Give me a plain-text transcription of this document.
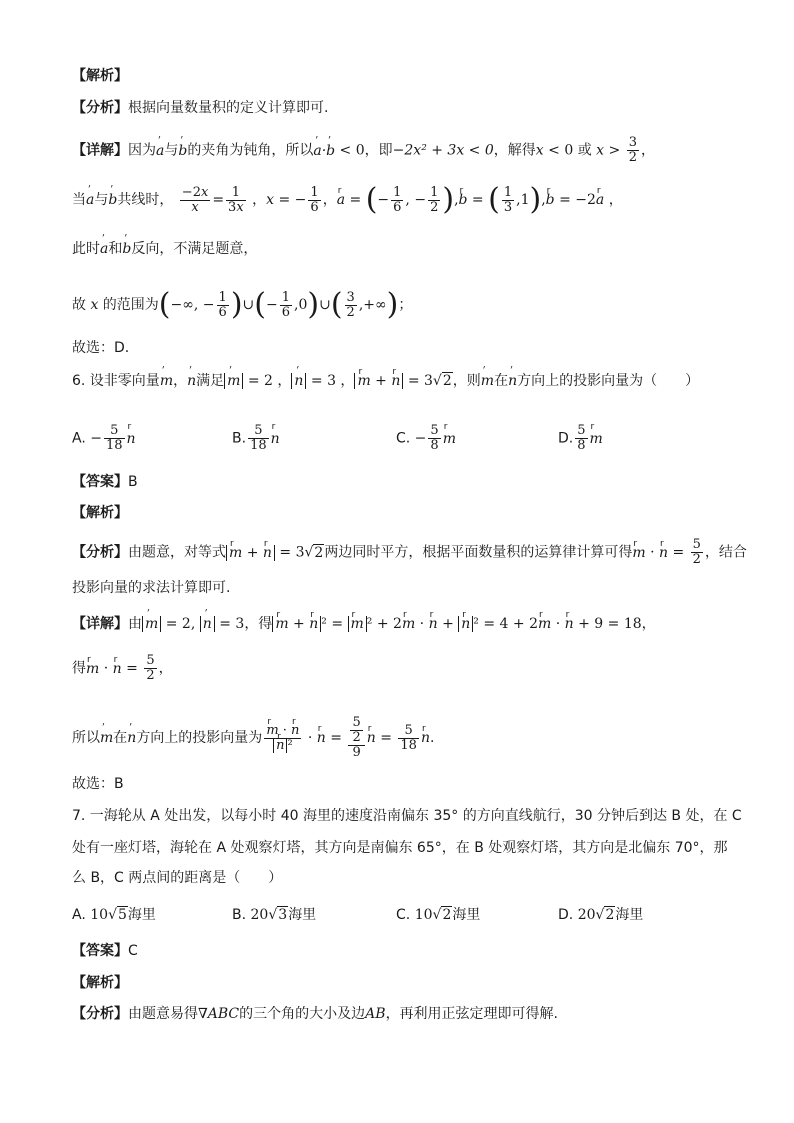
【解析】
【分析】根据向量数量积的定义计算即可.
【详解】因为ʹ a与ʹ b的夹角为钝角，所以ʹ a·ʹ b < 0，即−2x² + 3x < 0，解得x < 0 或 $x > \frac{3}{2}$ ，
当ʹ a与ʹ b共线时， $\frac{-2x}{x} = \frac{1}{3x}$ ，x = − $\frac{1}{6}$ ，r a = (− $\frac{1}{6}$ , − $\frac{1}{2} ),r$ b = ( $\frac{1}{3} ,1),r$ b = −2r a ，
此时ʹ a和ʹ b反向，不满足题意，
故 x 的范围为(−∞, − $\frac{1}{6}$ )∪(− $\frac{1}{6}$ ,0)∪( $\frac{3}{2}$ ,+∞)；
故选：D.
6. 设非零向量ʹ m，ʹ n满足 ʹ m = 2 ， ʹ n = 3 ， r m + r n = 3√2，则ʹ m在ʹ n方向上的投影向量为（　　）
A. − $\frac{5}{18}$ r n	B. $\frac{5}{18}$ r n	C. − $\frac{5}{8}$ r m	D. $\frac{5}{8}$ r m
【答案】B
【解析】
【分析】由题意，对等式 r m + r n = 3√2两边同时平方，根据平面数量积的运算律计算可得r m · r $n = \frac{5}{2}$ ，结合
投影向量的求法计算即可.
【详解】由 ʹ m = 2, ʹ n = 3，得 r m + r n ² = r m ² + 2r m · r n + r n ² = 4 + 2r m · r n + 9 = 18，
得r m · r $n = \frac{5}{2}$ ，
所以ʹ m在ʹ n方向上的投影向量为 r m · r n
r n ² · r $n = \frac{\frac{5}{2}}{9}$ r $n = \frac{5}{18}$ r n.
故选：B
7. 一海轮从 A 处出发，以每小时 40 海里的速度沿南偏东 35° 的方向直线航行，30 分钟后到达 B 处，在 C
处有一座灯塔，海轮在 A 处观察灯塔，其方向是南偏东 65°，在 B 处观察灯塔，其方向是北偏东 70°，那
么 B，C 两点间的距离是（　　）
A. 10√5海里	B. 20√3海里	C. 10√2海里	D. 20√2海里
【答案】C
【解析】
【分析】由题意易得∇ABC的三个角的大小及边AB，再利用正弦定理即可得解.
